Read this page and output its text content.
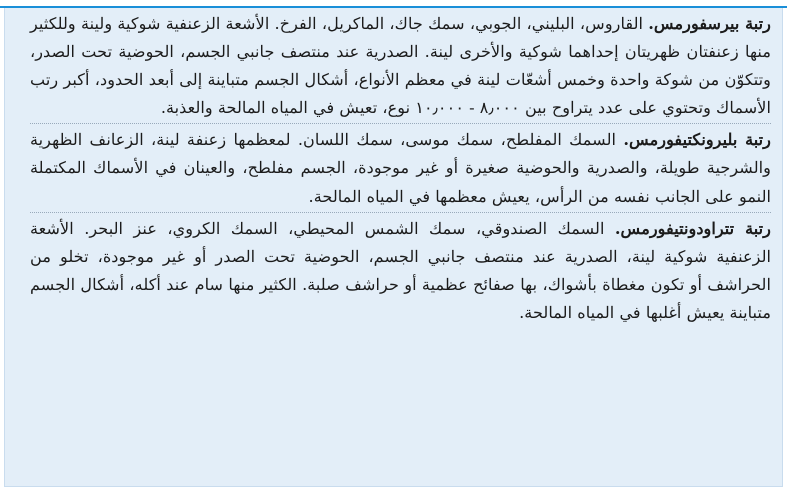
رتبة بيرسفورمس. القاروس، البليني، الجوبي، سمك جاك، الماكريل، الفرخ. الأشعة الزعنفية شوكية ولينة وللكثير منها زعنفتان ظهريتان إحداهما شوكية والأخرى لينة. الصدرية عند منتصف جانبي الجسم، الحوضية تحت الصدر، وتتكوّن من شوكة واحدة وخمس أشعّات لينة في معظم الأنواع، أشكال الجسم متباينة إلى أبعد الحدود، أكبر رتب الأسماك وتحتوي على عدد يتراوح بين ٨٫٠٠٠ - ١٠٫٠٠٠ نوع، تعيش في المياه المالحة والعذبة.

رتبة بليرونكتيفورمس. السمك المفلطح، سمك موسى، سمك اللسان. لمعظمها زعنفة لينة، الزعانف الظهرية والشرجية طويلة، والصدرية والحوضية صغيرة أو غير موجودة، الجسم مفلطح، والعينان في الأسماك المكتملة النمو على الجانب نفسه من الرأس، يعيش معظمها في المياه المالحة.

رتبة تتراودونتيفورمس. السمك الصندوقي، سمك الشمس المحيطي، السمك الكروي، عنز البحر. الأشعة الزعنفية شوكية لينة، الصدرية عند منتصف جانبي الجسم، الحوضية تحت الصدر أو غير موجودة، تخلو من الحراشف أو تكون مغطاة بأشواك، بها صفائح عظمية أو حراشف صلبة. الكثير منها سام عند أكله، أشكال الجسم متباينة يعيش أغلبها في المياه المالحة.
